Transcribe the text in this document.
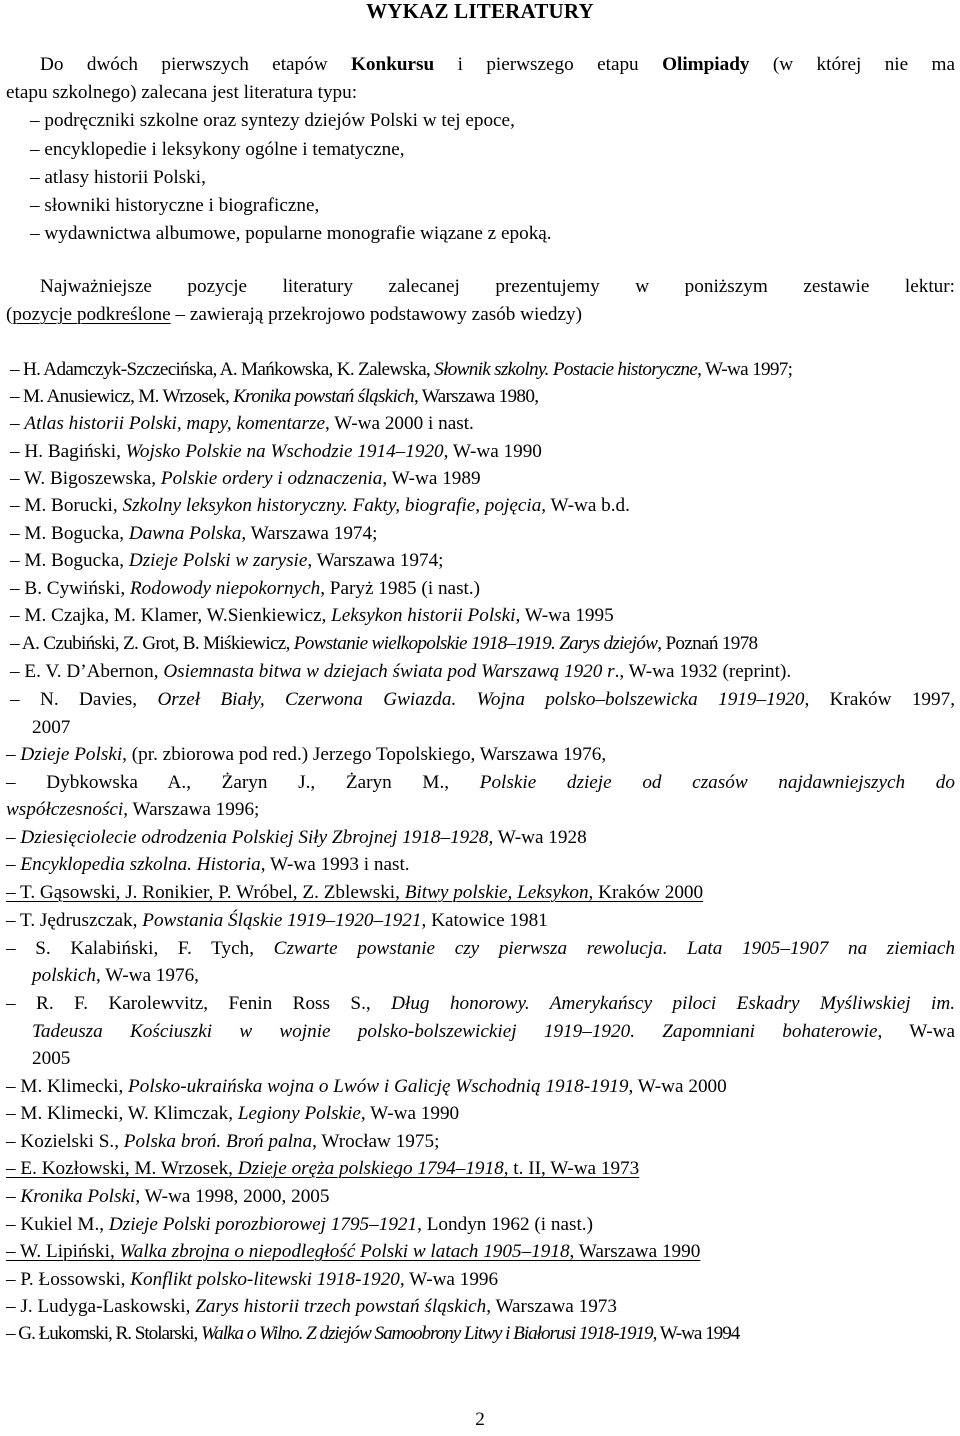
WYKAZ LITERATURY
Do dwóch pierwszych etapów Konkursu i pierwszego etapu Olimpiady (w której nie ma
etapu szkolnego) zalecana jest literatura typu:
– podręczniki szkolne oraz syntezy dziejów Polski w tej epoce,
– encyklopedie i leksykony ogólne i tematyczne,
– atlasy historii Polski,
– słowniki historyczne i biograficzne,
– wydawnictwa albumowe, popularne monografie wiązane z epoką.
Najważniejsze pozycje literatury zalecanej prezentujemy w poniższym zestawie lektur:
(pozycje podkreślone – zawierają przekrojowo podstawowy zasób wiedzy)
– H. Adamczyk-Szczecińska, A. Mańkowska, K. Zalewska, Słownik szkolny. Postacie historyczne, W-wa 1997;
– M. Anusiewicz, M. Wrzosek, Kronika powstań śląskich, Warszawa 1980,
– Atlas historii Polski, mapy, komentarze, W-wa 2000 i nast.
– H. Bagiński, Wojsko Polskie na Wschodzie 1914–1920, W-wa 1990
– W. Bigoszewska, Polskie ordery i odznaczenia, W-wa 1989
– M. Borucki, Szkolny leksykon historyczny. Fakty, biografie, pojęcia, W-wa b.d.
– M. Bogucka, Dawna Polska, Warszawa 1974;
– M. Bogucka, Dzieje Polski w zarysie, Warszawa 1974;
– B. Cywiński, Rodowody niepokornych, Paryż 1985 (i nast.)
– M. Czajka, M. Klamer, W.Sienkiewicz, Leksykon historii Polski, W-wa 1995
– A. Czubiński, Z. Grot, B. Miśkiewicz, Powstanie wielkopolskie 1918–1919. Zarys dziejów, Poznań 1978
– E. V. D’Abernon, Osiemnasta bitwa w dziejach świata pod Warszawą 1920 r., W-wa 1932 (reprint).
– N. Davies, Orzeł Biały, Czerwona Gwiazda. Wojna polsko–bolszewicka 1919–1920, Kraków 1997,
2007
– Dzieje Polski, (pr. zbiorowa pod red.) Jerzego Topolskiego, Warszawa 1976,
– Dybkowska A., Żaryn J., Żaryn M., Polskie dzieje od czasów najdawniejszych do
współczesności, Warszawa 1996;
– Dziesięciolecie odrodzenia Polskiej Siły Zbrojnej 1918–1928, W-wa 1928
– Encyklopedia szkolna. Historia, W-wa 1993 i nast.
– T. Gąsowski, J. Ronikier, P. Wróbel, Z. Zblewski, Bitwy polskie, Leksykon, Kraków 2000
– T. Jędruszczak, Powstania Śląskie 1919–1920–1921, Katowice 1981
– S. Kalabiński, F. Tych, Czwarte powstanie czy pierwsza rewolucja. Lata 1905–1907 na ziemiach
polskich, W-wa 1976,
– R. F. Karolewvitz, Fenin Ross S., Dług honorowy. Amerykańscy piloci Eskadry Myśliwskiej im.
Tadeusza Kościuszki w wojnie polsko-bolszewickiej 1919–1920. Zapomniani bohaterowie, W-wa
2005
– M. Klimecki, Polsko-ukraińska wojna o Lwów i Galicję Wschodnią 1918-1919, W-wa 2000
– M. Klimecki, W. Klimczak, Legiony Polskie, W-wa 1990
– Kozielski S., Polska broń. Broń palna, Wrocław 1975;
– E. Kozłowski, M. Wrzosek, Dzieje oręża polskiego 1794–1918, t. II, W-wa 1973
– Kronika Polski, W-wa 1998, 2000, 2005
– Kukiel M., Dzieje Polski porozbiorowej 1795–1921, Londyn 1962 (i nast.)
– W. Lipiński, Walka zbrojna o niepodległość Polski w latach 1905–1918, Warszawa 1990
– P. Łossowski, Konflikt polsko-litewski 1918-1920, W-wa 1996
– J. Ludyga-Laskowski, Zarys historii trzech powstań śląskich, Warszawa 1973
– G. Łukomski, R. Stolarski, Walka o Wilno. Z dziejów Samoobrony Litwy i Białorusi 1918-1919, W-wa 1994
2
